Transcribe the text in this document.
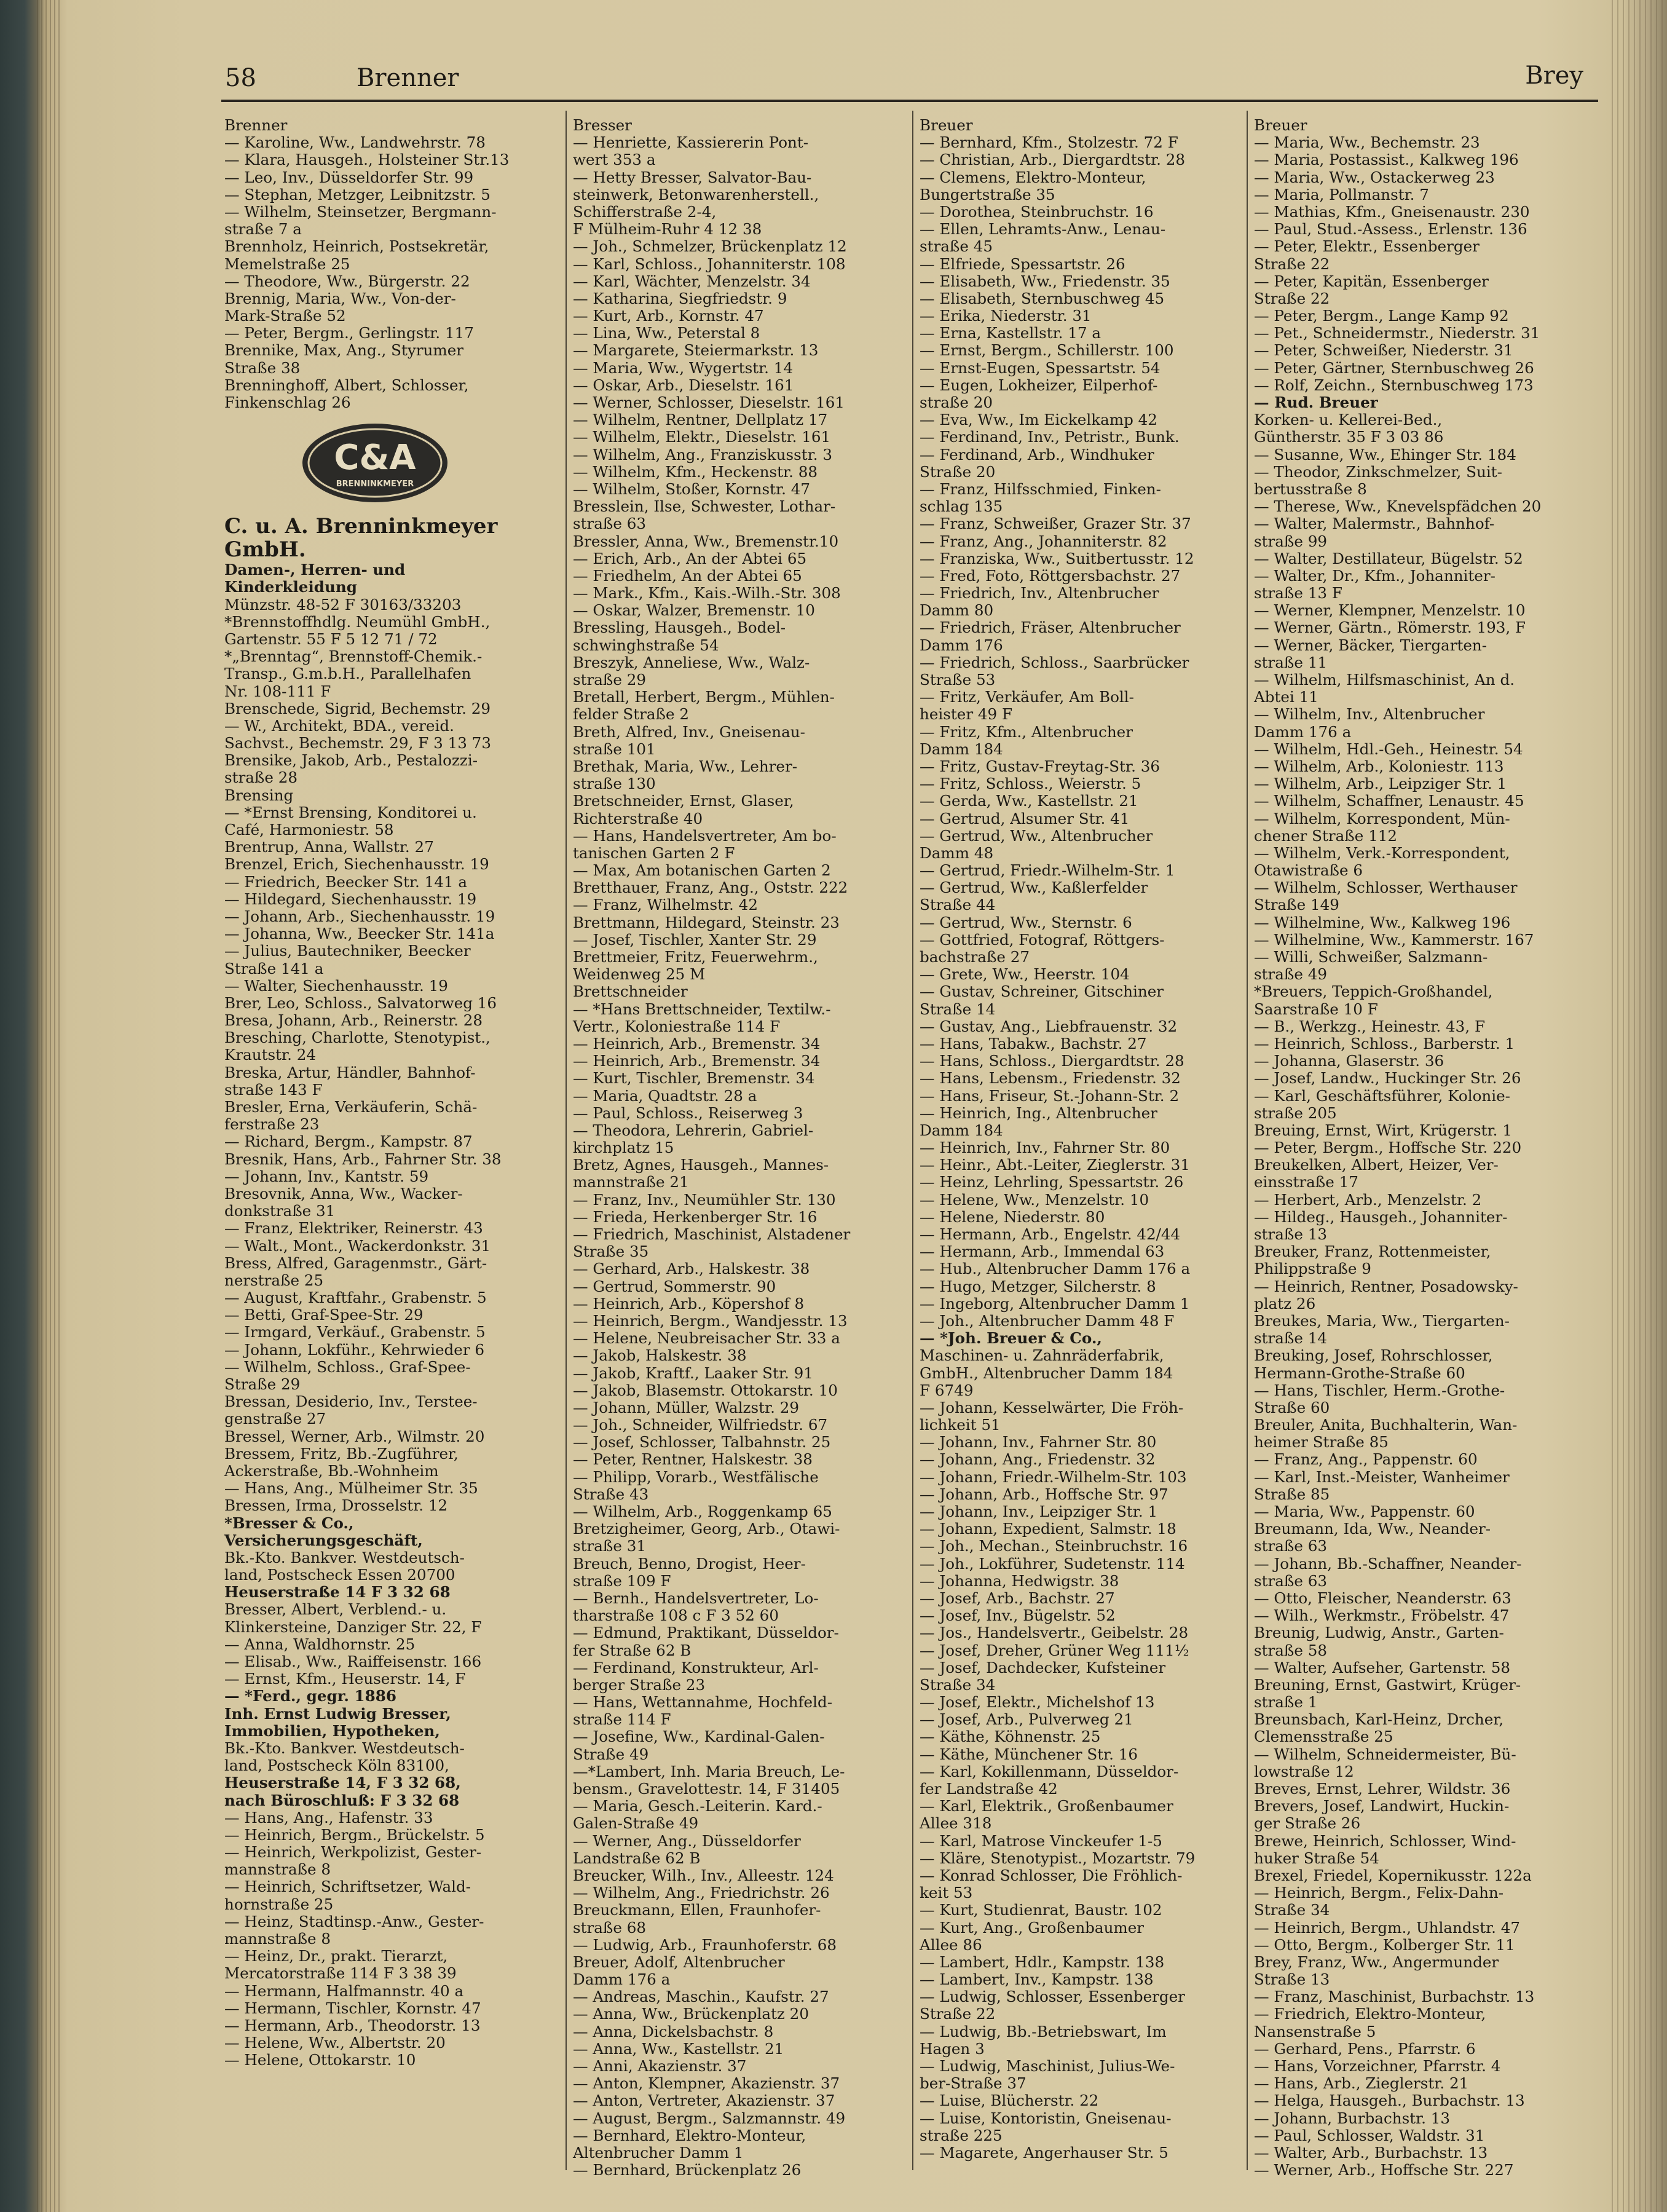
58	Brenner	Brey
Brenner
— Karoline, Ww., Landwehrstr. 78
— Klara, Hausgeh., Holsteiner Str.13
— Leo, Inv., Düsseldorfer Str. 99
— Stephan, Metzger, Leibnitzstr. 5
— Wilhelm, Steinsetzer, Bergmann-
straße 7 a
Brennholz, Heinrich, Postsekretär,
Memelstraße 25
— Theodore, Ww., Bürgerstr. 22
Brennig, Maria, Ww., Von-der-
Mark-Straße 52
— Peter, Bergm., Gerlingstr. 117
Brennike, Max, Ang., Styrumer
Straße 38
Brenninghoff, Albert, Schlosser,
Finkenschlag 26
C&A
BRENNINKMEYER
C. u. A. Brenninkmeyer
GmbH.
Damen-, Herren- und
Kinderkleidung
Münzstr. 48-52 F 30163/33203
*Brennstoffhdlg. Neumühl GmbH.,
Gartenstr. 55 F 5 12 71 / 72
*„Brenntag“, Brennstoff-Chemik.-
Transp., G.m.b.H., Parallelhafen
Nr. 108-111 F
Brenschede, Sigrid, Bechemstr. 29
— W., Architekt, BDA., vereid.
Sachvst., Bechemstr. 29, F 3 13 73
Brensike, Jakob, Arb., Pestalozzi-
straße 28
Brensing
— *Ernst Brensing, Konditorei u.
Café, Harmoniestr. 58
Brentrup, Anna, Wallstr. 27
Brenzel, Erich, Siechenhausstr. 19
— Friedrich, Beecker Str. 141 a
— Hildegard, Siechenhausstr. 19
— Johann, Arb., Siechenhausstr. 19
— Johanna, Ww., Beecker Str. 141a
— Julius, Bautechniker, Beecker
Straße 141 a
— Walter, Siechenhausstr. 19
Brer, Leo, Schloss., Salvatorweg 16
Bresa, Johann, Arb., Reinerstr. 28
Bresching, Charlotte, Stenotypist.,
Krautstr. 24
Breska, Artur, Händler, Bahnhof-
straße 143 F
Bresler, Erna, Verkäuferin, Schä-
ferstraße 23
— Richard, Bergm., Kampstr. 87
Bresnik, Hans, Arb., Fahrner Str. 38
— Johann, Inv., Kantstr. 59
Bresovnik, Anna, Ww., Wacker-
donkstraße 31
— Franz, Elektriker, Reinerstr. 43
— Walt., Mont., Wackerdonkstr. 31
Bress, Alfred, Garagenmstr., Gärt-
nerstraße 25
— August, Kraftfahr., Grabenstr. 5
— Betti, Graf-Spee-Str. 29
— Irmgard, Verkäuf., Grabenstr. 5
— Johann, Lokführ., Kehrwieder 6
— Wilhelm, Schloss., Graf-Spee-
Straße 29
Bressan, Desiderio, Inv., Terstee-
genstraße 27
Bressel, Werner, Arb., Wilmstr. 20
Bressem, Fritz, Bb.-Zugführer,
Ackerstraße, Bb.-Wohnheim
— Hans, Ang., Mülheimer Str. 35
Bressen, Irma, Drosselstr. 12
*Bresser & Co.,
Versicherungsgeschäft,
Bk.-Kto. Bankver. Westdeutsch-
land, Postscheck Essen 20700
Heuserstraße 14 F 3 32 68
Bresser, Albert, Verblend.- u.
Klinkersteine, Danziger Str. 22, F
— Anna, Waldhornstr. 25
— Elisab., Ww., Raiffeisenstr. 166
— Ernst, Kfm., Heuserstr. 14, F
— *Ferd., gegr. 1886
Inh. Ernst Ludwig Bresser,
Immobilien, Hypotheken,
Bk.-Kto. Bankver. Westdeutsch-
land, Postscheck Köln 83100,
Heuserstraße 14, F 3 32 68,
nach Büroschluß: F 3 32 68
— Hans, Ang., Hafenstr. 33
— Heinrich, Bergm., Brückelstr. 5
— Heinrich, Werkpolizist, Gester-
mannstraße 8
— Heinrich, Schriftsetzer, Wald-
hornstraße 25
— Heinz, Stadtinsp.-Anw., Gester-
mannstraße 8
— Heinz, Dr., prakt. Tierarzt,
Mercatorstraße 114 F 3 38 39
— Hermann, Halfmannstr. 40 a
— Hermann, Tischler, Kornstr. 47
— Hermann, Arb., Theodorstr. 13
— Helene, Ww., Albertstr. 20
— Helene, Ottokarstr. 10
Bresser
— Henriette, Kassiererin Pont-
wert 353 a
— Hetty Bresser, Salvator-Bau-
steinwerk, Betonwarenherstell.,
Schifferstraße 2-4,
F Mülheim-Ruhr 4 12 38
— Joh., Schmelzer, Brückenplatz 12
— Karl, Schloss., Johanniterstr. 108
— Karl, Wächter, Menzelstr. 34
— Katharina, Siegfriedstr. 9
— Kurt, Arb., Kornstr. 47
— Lina, Ww., Peterstal 8
— Margarete, Steiermarkstr. 13
— Maria, Ww., Wygertstr. 14
— Oskar, Arb., Dieselstr. 161
— Werner, Schlosser, Dieselstr. 161
— Wilhelm, Rentner, Dellplatz 17
— Wilhelm, Elektr., Dieselstr. 161
— Wilhelm, Ang., Franziskusstr. 3
— Wilhelm, Kfm., Heckenstr. 88
— Wilhelm, Stoßer, Kornstr. 47
Bresslein, Ilse, Schwester, Lothar-
straße 63
Bressler, Anna, Ww., Bremenstr.10
— Erich, Arb., An der Abtei 65
— Friedhelm, An der Abtei 65
— Mark., Kfm., Kais.-Wilh.-Str. 308
— Oskar, Walzer, Bremenstr. 10
Bressling, Hausgeh., Bodel-
schwinghstraße 54
Breszyk, Anneliese, Ww., Walz-
straße 29
Bretall, Herbert, Bergm., Mühlen-
felder Straße 2
Breth, Alfred, Inv., Gneisenau-
straße 101
Brethak, Maria, Ww., Lehrer-
straße 130
Bretschneider, Ernst, Glaser,
Richterstraße 40
— Hans, Handelsvertreter, Am bo-
tanischen Garten 2 F
— Max, Am botanischen Garten 2
Bretthauer, Franz, Ang., Oststr. 222
— Franz, Wilhelmstr. 42
Brettmann, Hildegard, Steinstr. 23
— Josef, Tischler, Xanter Str. 29
Brettmeier, Fritz, Feuerwehrm.,
Weidenweg 25 M
Brettschneider
— *Hans Brettschneider, Textilw.-
Vertr., Koloniestraße 114 F
— Heinrich, Arb., Bremenstr. 34
— Heinrich, Arb., Bremenstr. 34
— Kurt, Tischler, Bremenstr. 34
— Maria, Quadtstr. 28 a
— Paul, Schloss., Reiserweg 3
— Theodora, Lehrerin, Gabriel-
kirchplatz 15
Bretz, Agnes, Hausgeh., Mannes-
mannstraße 21
— Franz, Inv., Neumühler Str. 130
— Frieda, Herkenberger Str. 16
— Friedrich, Maschinist, Alstadener
Straße 35
— Gerhard, Arb., Halskestr. 38
— Gertrud, Sommerstr. 90
— Heinrich, Arb., Köpershof 8
— Heinrich, Bergm., Wandjesstr. 13
— Helene, Neubreisacher Str. 33 a
— Jakob, Halskestr. 38
— Jakob, Kraftf., Laaker Str. 91
— Jakob, Blasemstr. Ottokarstr. 10
— Johann, Müller, Walzstr. 29
— Joh., Schneider, Wilfriedstr. 67
— Josef, Schlosser, Talbahnstr. 25
— Peter, Rentner, Halskestr. 38
— Philipp, Vorarb., Westfälische
Straße 43
— Wilhelm, Arb., Roggenkamp 65
Bretzigheimer, Georg, Arb., Otawi-
straße 31
Breuch, Benno, Drogist, Heer-
straße 109 F
— Bernh., Handelsvertreter, Lo-
tharstraße 108 c F 3 52 60
— Edmund, Praktikant, Düsseldor-
fer Straße 62 B
— Ferdinand, Konstrukteur, Arl-
berger Straße 23
— Hans, Wettannahme, Hochfeld-
straße 114 F
— Josefine, Ww., Kardinal-Galen-
Straße 49
—*Lambert, Inh. Maria Breuch, Le-
bensm., Gravelottestr. 14, F 31405
— Maria, Gesch.-Leiterin. Kard.-
Galen-Straße 49
— Werner, Ang., Düsseldorfer
Landstraße 62 B
Breucker, Wilh., Inv., Alleestr. 124
— Wilhelm, Ang., Friedrichstr. 26
Breuckmann, Ellen, Fraunhofer-
straße 68
— Ludwig, Arb., Fraunhoferstr. 68
Breuer, Adolf, Altenbrucher
Damm 176 a
— Andreas, Maschin., Kaufstr. 27
— Anna, Ww., Brückenplatz 20
— Anna, Dickelsbachstr. 8
— Anna, Ww., Kastellstr. 21
— Anni, Akazienstr. 37
— Anton, Klempner, Akazienstr. 37
— Anton, Vertreter, Akazienstr. 37
— August, Bergm., Salzmannstr. 49
— Bernhard, Elektro-Monteur,
Altenbrucher Damm 1
— Bernhard, Brückenplatz 26
Breuer
— Bernhard, Kfm., Stolzestr. 72 F
— Christian, Arb., Diergardtstr. 28
— Clemens, Elektro-Monteur,
Bungertstraße 35
— Dorothea, Steinbruchstr. 16
— Ellen, Lehramts-Anw., Lenau-
straße 45
— Elfriede, Spessartstr. 26
— Elisabeth, Ww., Friedenstr. 35
— Elisabeth, Sternbuschweg 45
— Erika, Niederstr. 31
— Erna, Kastellstr. 17 a
— Ernst, Bergm., Schillerstr. 100
— Ernst-Eugen, Spessartstr. 54
— Eugen, Lokheizer, Eilperhof-
straße 20
— Eva, Ww., Im Eickelkamp 42
— Ferdinand, Inv., Petristr., Bunk.
— Ferdinand, Arb., Windhuker
Straße 20
— Franz, Hilfsschmied, Finken-
schlag 135
— Franz, Schweißer, Grazer Str. 37
— Franz, Ang., Johanniterstr. 82
— Franziska, Ww., Suitbertusstr. 12
— Fred, Foto, Röttgersbachstr. 27
— Friedrich, Inv., Altenbrucher
Damm 80
— Friedrich, Fräser, Altenbrucher
Damm 176
— Friedrich, Schloss., Saarbrücker
Straße 53
— Fritz, Verkäufer, Am Boll-
heister 49 F
— Fritz, Kfm., Altenbrucher
Damm 184
— Fritz, Gustav-Freytag-Str. 36
— Fritz, Schloss., Weierstr. 5
— Gerda, Ww., Kastellstr. 21
— Gertrud, Alsumer Str. 41
— Gertrud, Ww., Altenbrucher
Damm 48
— Gertrud, Friedr.-Wilhelm-Str. 1
— Gertrud, Ww., Kaßlerfelder
Straße 44
— Gertrud, Ww., Sternstr. 6
— Gottfried, Fotograf, Röttgers-
bachstraße 27
— Grete, Ww., Heerstr. 104
— Gustav, Schreiner, Gitschiner
Straße 14
— Gustav, Ang., Liebfrauenstr. 32
— Hans, Tabakw., Bachstr. 27
— Hans, Schloss., Diergardtstr. 28
— Hans, Lebensm., Friedenstr. 32
— Hans, Friseur, St.-Johann-Str. 2
— Heinrich, Ing., Altenbrucher
Damm 184
— Heinrich, Inv., Fahrner Str. 80
— Heinr., Abt.-Leiter, Zieglerstr. 31
— Heinz, Lehrling, Spessartstr. 26
— Helene, Ww., Menzelstr. 10
— Helene, Niederstr. 80
— Hermann, Arb., Engelstr. 42/44
— Hermann, Arb., Immendal 63
— Hub., Altenbrucher Damm 176 a
— Hugo, Metzger, Silcherstr. 8
— Ingeborg, Altenbrucher Damm 1
— Joh., Altenbrucher Damm 48 F
— *Joh. Breuer & Co.,
Maschinen- u. Zahnräderfabrik,
GmbH., Altenbrucher Damm 184
F 6749
— Johann, Kesselwärter, Die Fröh-
lichkeit 51
— Johann, Inv., Fahrner Str. 80
— Johann, Ang., Friedenstr. 32
— Johann, Friedr.-Wilhelm-Str. 103
— Johann, Arb., Hoffsche Str. 97
— Johann, Inv., Leipziger Str. 1
— Johann, Expedient, Salmstr. 18
— Joh., Mechan., Steinbruchstr. 16
— Joh., Lokführer, Sudetenstr. 114
— Johanna, Hedwigstr. 38
— Josef, Arb., Bachstr. 27
— Josef, Inv., Bügelstr. 52
— Jos., Handelsvertr., Geibelstr. 28
— Josef, Dreher, Grüner Weg 111½
— Josef, Dachdecker, Kufsteiner
Straße 34
— Josef, Elektr., Michelshof 13
— Josef, Arb., Pulverweg 21
— Käthe, Köhnenstr. 25
— Käthe, Münchener Str. 16
— Karl, Kokillenmann, Düsseldor-
fer Landstraße 42
— Karl, Elektrik., Großenbaumer
Allee 318
— Karl, Matrose Vinckeufer 1-5
— Kläre, Stenotypist., Mozartstr. 79
— Konrad Schlosser, Die Fröhlich-
keit 53
— Kurt, Studienrat, Baustr. 102
— Kurt, Ang., Großenbaumer
Allee 86
— Lambert, Hdlr., Kampstr. 138
— Lambert, Inv., Kampstr. 138
— Ludwig, Schlosser, Essenberger
Straße 22
— Ludwig, Bb.-Betriebswart, Im
Hagen 3
— Ludwig, Maschinist, Julius-We-
ber-Straße 37
— Luise, Blücherstr. 22
— Luise, Kontoristin, Gneisenau-
straße 225
— Magarete, Angerhauser Str. 5
Breuer
— Maria, Ww., Bechemstr. 23
— Maria, Postassist., Kalkweg 196
— Maria, Ww., Ostackerweg 23
— Maria, Pollmanstr. 7
— Mathias, Kfm., Gneisenaustr. 230
— Paul, Stud.-Assess., Erlenstr. 136
— Peter, Elektr., Essenberger
Straße 22
— Peter, Kapitän, Essenberger
Straße 22
— Peter, Bergm., Lange Kamp 92
— Pet., Schneidermstr., Niederstr. 31
— Peter, Schweißer, Niederstr. 31
— Peter, Gärtner, Sternbuschweg 26
— Rolf, Zeichn., Sternbuschweg 173
— Rud. Breuer
Korken- u. Kellerei-Bed.,
Güntherstr. 35 F 3 03 86
— Susanne, Ww., Ehinger Str. 184
— Theodor, Zinkschmelzer, Suit-
bertusstraße 8
— Therese, Ww., Knevelspfädchen 20
— Walter, Malermstr., Bahnhof-
straße 99
— Walter, Destillateur, Bügelstr. 52
— Walter, Dr., Kfm., Johanniter-
straße 13 F
— Werner, Klempner, Menzelstr. 10
— Werner, Gärtn., Römerstr. 193, F
— Werner, Bäcker, Tiergarten-
straße 11
— Wilhelm, Hilfsmaschinist, An d.
Abtei 11
— Wilhelm, Inv., Altenbrucher
Damm 176 a
— Wilhelm, Hdl.-Geh., Heinestr. 54
— Wilhelm, Arb., Koloniestr. 113
— Wilhelm, Arb., Leipziger Str. 1
— Wilhelm, Schaffner, Lenaustr. 45
— Wilhelm, Korrespondent, Mün-
chener Straße 112
— Wilhelm, Verk.-Korrespondent,
Otawistraße 6
— Wilhelm, Schlosser, Werthauser
Straße 149
— Wilhelmine, Ww., Kalkweg 196
— Wilhelmine, Ww., Kammerstr. 167
— Willi, Schweißer, Salzmann-
straße 49
*Breuers, Teppich-Großhandel,
Saarstraße 10 F
— B., Werkzg., Heinestr. 43, F
— Heinrich, Schloss., Barberstr. 1
— Johanna, Glaserstr. 36
— Josef, Landw., Huckinger Str. 26
— Karl, Geschäftsführer, Kolonie-
straße 205
Breuing, Ernst, Wirt, Krügerstr. 1
— Peter, Bergm., Hoffsche Str. 220
Breukelken, Albert, Heizer, Ver-
einsstraße 17
— Herbert, Arb., Menzelstr. 2
— Hildeg., Hausgeh., Johanniter-
straße 13
Breuker, Franz, Rottenmeister,
Philippstraße 9
— Heinrich, Rentner, Posadowsky-
platz 26
Breukes, Maria, Ww., Tiergarten-
straße 14
Breuking, Josef, Rohrschlosser,
Hermann-Grothe-Straße 60
— Hans, Tischler, Herm.-Grothe-
Straße 60
Breuler, Anita, Buchhalterin, Wan-
heimer Straße 85
— Franz, Ang., Pappenstr. 60
— Karl, Inst.-Meister, Wanheimer
Straße 85
— Maria, Ww., Pappenstr. 60
Breumann, Ida, Ww., Neander-
straße 63
— Johann, Bb.-Schaffner, Neander-
straße 63
— Otto, Fleischer, Neanderstr. 63
— Wilh., Werkmstr., Fröbelstr. 47
Breunig, Ludwig, Anstr., Garten-
straße 58
— Walter, Aufseher, Gartenstr. 58
Breuning, Ernst, Gastwirt, Krüger-
straße 1
Breunsbach, Karl-Heinz, Drcher,
Clemensstraße 25
— Wilhelm, Schneidermeister, Bü-
lowstraße 12
Breves, Ernst, Lehrer, Wildstr. 36
Brevers, Josef, Landwirt, Huckin-
ger Straße 26
Brewe, Heinrich, Schlosser, Wind-
huker Straße 54
Brexel, Friedel, Kopernikusstr. 122a
— Heinrich, Bergm., Felix-Dahn-
Straße 34
— Heinrich, Bergm., Uhlandstr. 47
— Otto, Bergm., Kolberger Str. 11
Brey, Franz, Ww., Angermunder
Straße 13
— Franz, Maschinist, Burbachstr. 13
— Friedrich, Elektro-Monteur,
Nansenstraße 5
— Gerhard, Pens., Pfarrstr. 6
— Hans, Vorzeichner, Pfarrstr. 4
— Hans, Arb., Zieglerstr. 21
— Helga, Hausgeh., Burbachstr. 13
— Johann, Burbachstr. 13
— Paul, Schlosser, Waldstr. 31
— Walter, Arb., Burbachstr. 13
— Werner, Arb., Hoffsche Str. 227
